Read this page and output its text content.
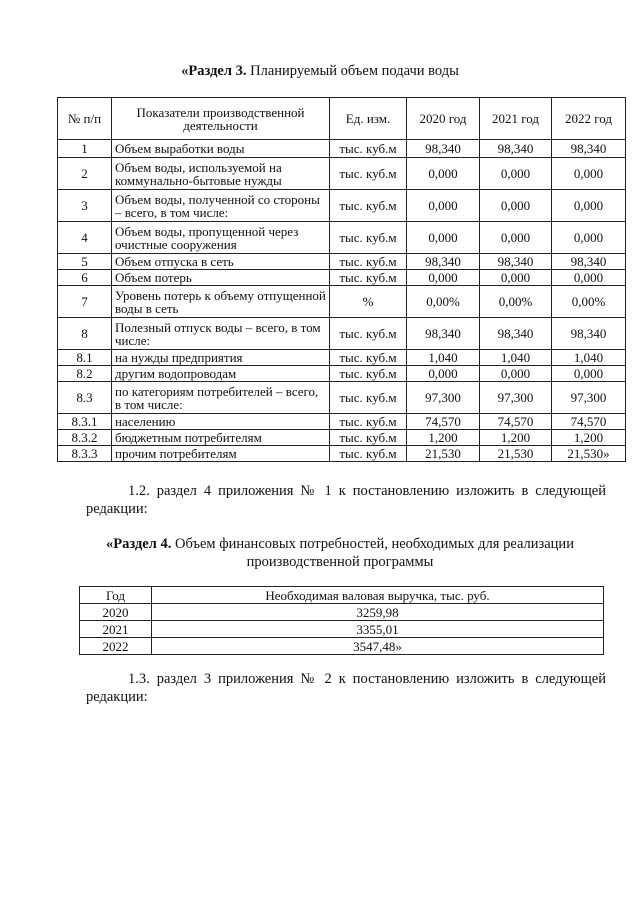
«Раздел 3. Планируемый объем подачи воды
№ п/п	Показатели производственной деятельности	Ед. изм.	2020 год	2021 год	2022 год
1	Объем выработки воды	тыс. куб.м	98,340	98,340	98,340
2	Объем воды, используемой на коммунально-бытовые нужды	тыс. куб.м	0,000	0,000	0,000
3	Объем воды, полученной со стороны – всего, в том числе:	тыс. куб.м	0,000	0,000	0,000
4	Объем воды, пропущенной через очистные сооружения	тыс. куб.м	0,000	0,000	0,000
5	Объем отпуска в сеть	тыс. куб.м	98,340	98,340	98,340
6	Объем потерь	тыс. куб.м	0,000	0,000	0,000
7	Уровень потерь к объему отпущенной воды в сеть	%	0,00%	0,00%	0,00%
8	Полезный отпуск воды – всего, в том числе:	тыс. куб.м	98,340	98,340	98,340
8.1	на нужды предприятия	тыс. куб.м	1,040	1,040	1,040
8.2	другим водопроводам	тыс. куб.м	0,000	0,000	0,000
8.3	по категориям потребителей – всего, в том числе:	тыс. куб.м	97,300	97,300	97,300
8.3.1	населению	тыс. куб.м	74,570	74,570	74,570
8.3.2	бюджетным потребителям	тыс. куб.м	1,200	1,200	1,200
8.3.3	прочим потребителям	тыс. куб.м	21,530	21,530	21,530»
1.2. раздел 4 приложения № 1 к постановлению изложить в следующей редакции:
«Раздел 4. Объем финансовых потребностей, необходимых для реализации производственной программы
Год	Необходимая валовая выручка, тыс. руб.
2020	3259,98
2021	3355,01
2022	3547,48»
1.3. раздел 3 приложения № 2 к постановлению изложить в следующей редакции:
